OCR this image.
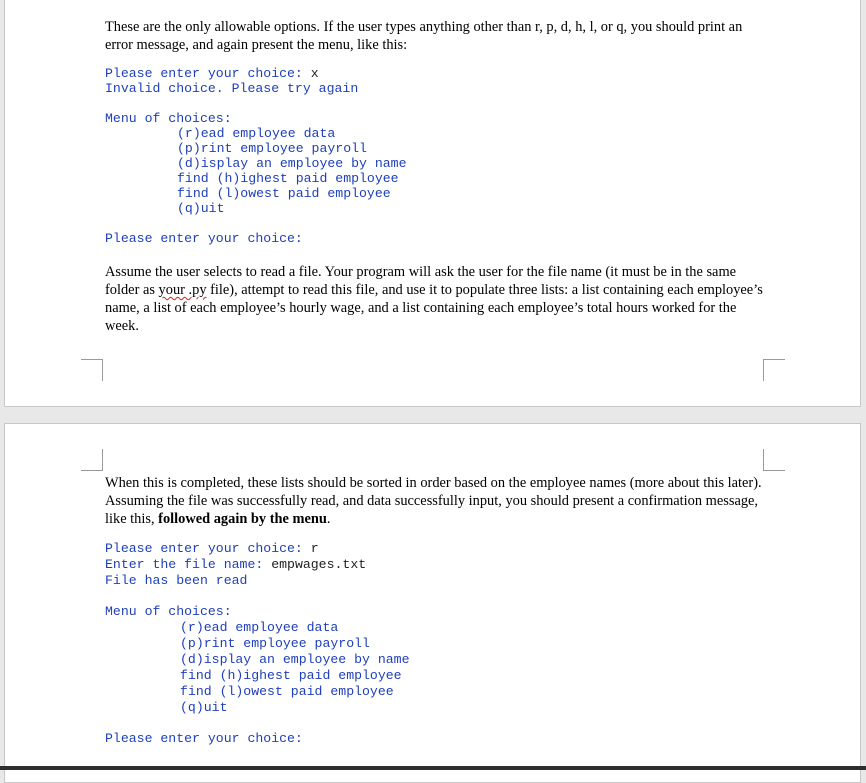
These are the only allowable options. If the user types anything other than r, p, d, h, l, or q, you should print an error message, and again present the menu, like this:

Please enter your choice: x

Invalid choice. Please try again

Menu of choices:

(r)ead employee data

(p)rint employee payroll

(d)isplay an employee by name

find (h)ighest paid employee

find (l)owest paid employee

(q)uit

Please enter your choice:

Assume the user selects to read a file. Your program will ask the user for the file name (it must be in the same folder as your .py file), attempt to read this file, and use it to populate three lists: a list containing each employee’s name, a list of each employee’s hourly wage, and a list containing each employee’s total hours worked for the week.

When this is completed, these lists should be sorted in order based on the employee names (more about this later). Assuming the file was successfully read, and data successfully input, you should present a confirmation message, like this, followed again by the menu.

Please enter your choice: r

Enter the file name: empwages.txt

File has been read

Menu of choices:

(r)ead employee data

(p)rint employee payroll

(d)isplay an employee by name

find (h)ighest paid employee

find (l)owest paid employee

(q)uit

Please enter your choice:
